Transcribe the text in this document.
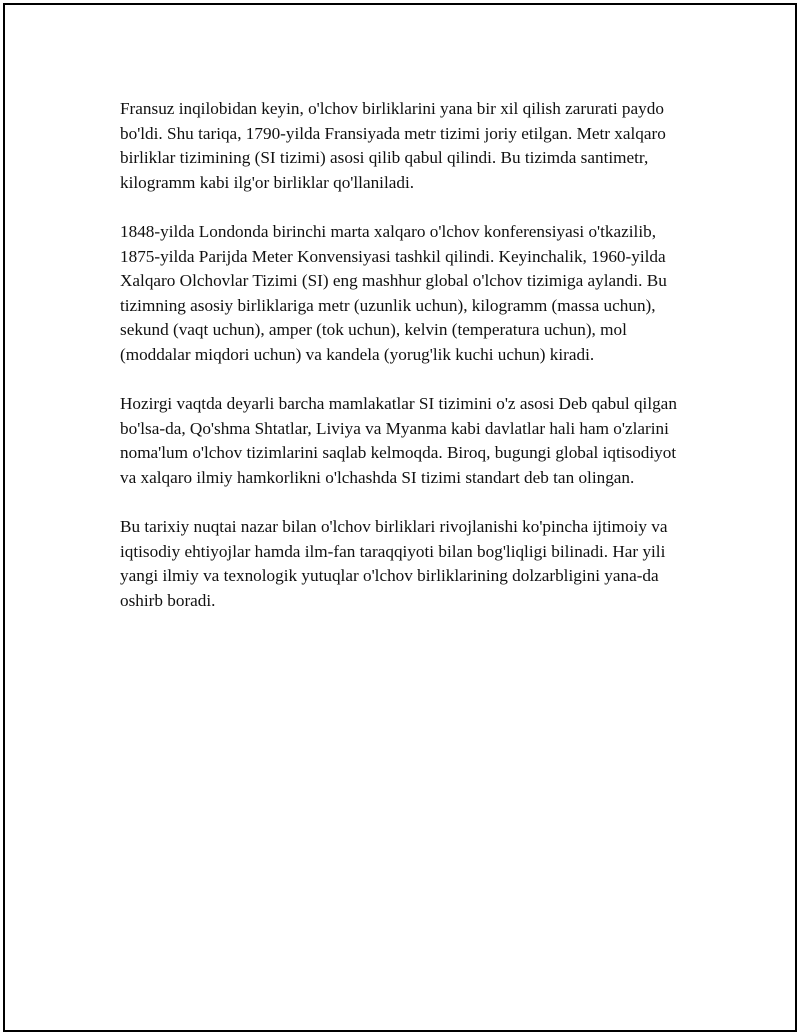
Fransuz inqilobidan keyin, o'lchov birliklarini yana bir xil qilish zarurati paydo bo'ldi. Shu tariqa, 1790-yilda Fransiyada metr tizimi joriy etilgan. Metr xalqaro birliklar tizimining (SI tizimi) asosi qilib qabul qilindi. Bu tizimda santimetr, kilogramm kabi ilg'or birliklar qo'llaniladi.

1848-yilda Londonda birinchi marta xalqaro o'lchov konferensiyasi o'tkazilib, 1875-yilda Parijda Meter Konvensiyasi tashkil qilindi. Keyinchalik, 1960-yilda Xalqaro Olchovlar Tizimi (SI) eng mashhur global o'lchov tizimiga aylandi. Bu tizimning asosiy birliklariga metr (uzunlik uchun), kilogramm (massa uchun), sekund (vaqt uchun), amper (tok uchun), kelvin (temperatura uchun), mol (moddalar miqdori uchun) va kandela (yorug'lik kuchi uchun) kiradi.

Hozirgi vaqtda deyarli barcha mamlakatlar SI tizimini o'z asosi Deb qabul qilgan bo'lsa-da, Qo'shma Shtatlar, Liviya va Myanma kabi davlatlar hali ham o'zlarini noma'lum o'lchov tizimlarini saqlab kelmoqda. Biroq, bugungi global iqtisodiyot va xalqaro ilmiy hamkorlikni o'lchashda SI tizimi standart deb tan olingan.

Bu tarixiy nuqtai nazar bilan o'lchov birliklari rivojlanishi ko'pincha ijtimoiy va iqtisodiy ehtiyojlar hamda ilm-fan taraqqiyoti bilan bog'liqligi bilinadi. Har yili yangi ilmiy va texnologik yutuqlar o'lchov birliklarining dolzarbligini yana-da oshirb boradi.
